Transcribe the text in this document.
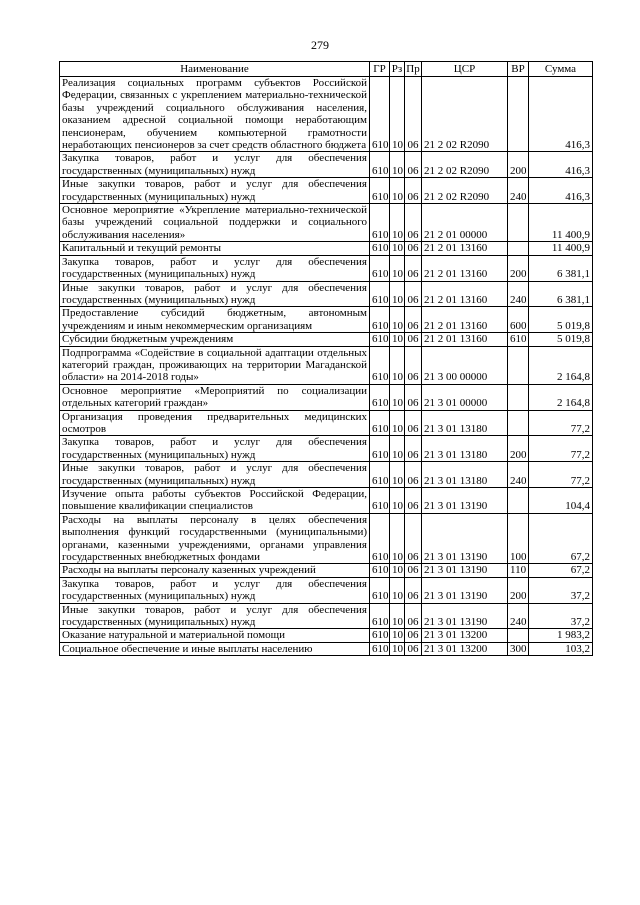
279
Наименование	ГР	Рз	Пр	ЦСР	ВР	Сумма
Реализация социальных программ субъектов Российской Федерации, связанных с укреплением материально-технической базы учреждений социального обслуживания населения, оказанием адресной социальной помощи неработающим пенсионерам, обучением компьютерной грамотности неработающих пенсионеров за счет средств областного бюджета	610	10	06	21 2 02 R2090		416,3
Закупка товаров, работ и услуг для обеспечения государственных (муниципальных) нужд	610	10	06	21 2 02 R2090	200	416,3
Иные закупки товаров, работ и услуг для обеспечения государственных (муниципальных) нужд	610	10	06	21 2 02 R2090	240	416,3
Основное мероприятие «Укрепление материально-технической базы учреждений социальной поддержки и социального обслуживания населения»	610	10	06	21 2 01 00000		11 400,9
Капитальный и текущий ремонты	610	10	06	21 2 01 13160		11 400,9
Закупка товаров, работ и услуг для обеспечения государственных (муниципальных) нужд	610	10	06	21 2 01 13160	200	6 381,1
Иные закупки товаров, работ и услуг для обеспечения государственных (муниципальных) нужд	610	10	06	21 2 01 13160	240	6 381,1
Предоставление субсидий бюджетным, автономным учреждениям и иным некоммерческим организациям	610	10	06	21 2 01 13160	600	5 019,8
Субсидии бюджетным учреждениям	610	10	06	21 2 01 13160	610	5 019,8
Подпрограмма «Содействие в социальной адаптации отдельных категорий граждан, проживающих на территории Магаданской области» на 2014-2018 годы»	610	10	06	21 3 00 00000		2 164,8
Основное мероприятие «Мероприятий по социализации отдельных категорий граждан»	610	10	06	21 3 01 00000		2 164,8
Организация проведения предварительных медицинских осмотров	610	10	06	21 3 01 13180		77,2
Закупка товаров, работ и услуг для обеспечения государственных (муниципальных) нужд	610	10	06	21 3 01 13180	200	77,2
Иные закупки товаров, работ и услуг для обеспечения государственных (муниципальных) нужд	610	10	06	21 3 01 13180	240	77,2
Изучение опыта работы субъектов Российской Федерации, повышение квалификации специалистов	610	10	06	21 3 01 13190		104,4
Расходы на выплаты персоналу в целях обеспечения выполнения функций государственными (муниципальными) органами, казенными учреждениями, органами управления государственных внебюджетных фондами	610	10	06	21 3 01 13190	100	67,2
Расходы на выплаты персоналу казенных учреждений	610	10	06	21 3 01 13190	110	67,2
Закупка товаров, работ и услуг для обеспечения государственных (муниципальных) нужд	610	10	06	21 3 01 13190	200	37,2
Иные закупки товаров, работ и услуг для обеспечения государственных (муниципальных) нужд	610	10	06	21 3 01 13190	240	37,2
Оказание натуральной и материальной помощи	610	10	06	21 3 01 13200		1 983,2
Социальное обеспечение и иные выплаты населению	610	10	06	21 3 01 13200	300	103,2
